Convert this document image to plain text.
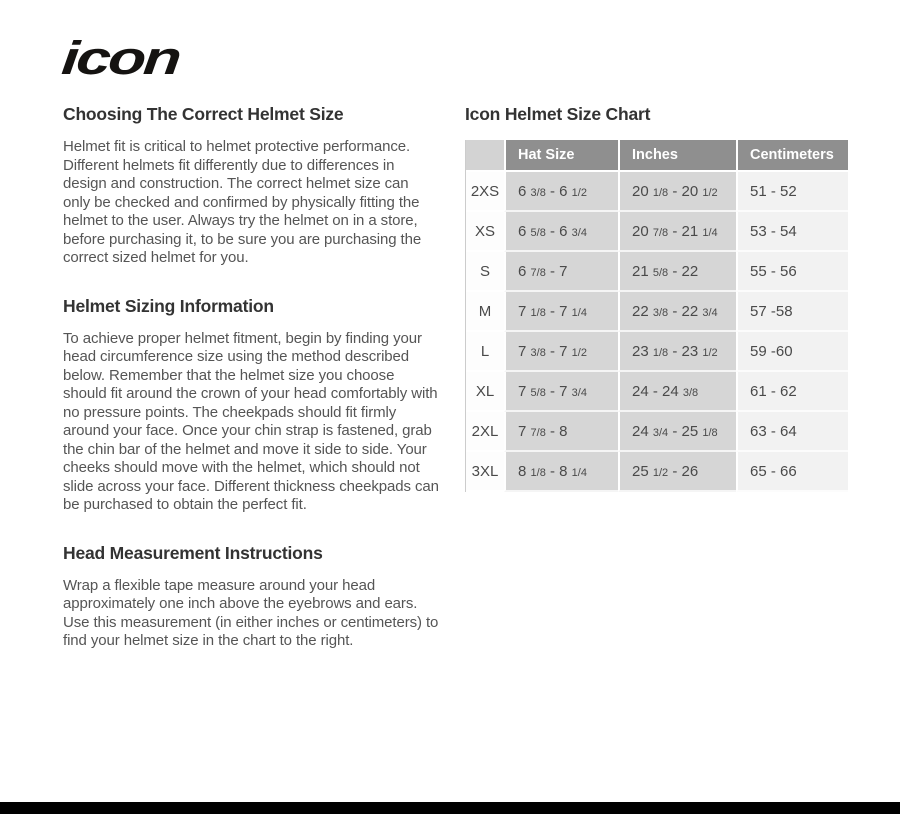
icon
Choosing The Correct Helmet Size

Helmet fit is critical to helmet protective performance. Different helmets fit differently due to differences in design and construction. The correct helmet size can only be checked and confirmed by physically fitting the helmet to the user. Always try the helmet on in a store, before purchasing it, to be sure you are purchasing the correct sized helmet for you.

Helmet Sizing Information

To achieve proper helmet fitment, begin by finding your head circumference size using the method described below. Remember that the helmet size you choose should fit around the crown of your head comfortably with no pressure points. The cheekpads should fit firmly around your face. Once your chin strap is fastened, grab the chin bar of the helmet and move it side to side. Your cheeks should move with the helmet, which should not slide across your face. Different thickness cheekpads can be purchased to obtain the perfect fit.

Head Measurement Instructions

Wrap a flexible tape measure around your head approximately one inch above the eyebrows and ears. Use this measurement (in either inches or centimeters) to find your helmet size in the chart to the right.

Icon Helmet Size Chart
	Hat Size	Inches	Centimeters
2XS	6 3/8 - 6 1/2	20 1/8 - 20 1/2	51 - 52
XS	6 5/8 - 6 3/4	20 7/8 - 21 1/4	53 - 54
S	6 7/8 - 7	21 5/8 - 22	55 - 56
M	7 1/8 - 7 1/4	22 3/8 - 22 3/4	57 -58
L	7 3/8 - 7 1/2	23 1/8 - 23 1/2	59 -60
XL	7 5/8 - 7 3/4	24 - 24 3/8	61 - 62
2XL	7 7/8 - 8	24 3/4 - 25 1/8	63 - 64
3XL	8 1/8 - 8 1/4	25 1/2 - 26	65 - 66
